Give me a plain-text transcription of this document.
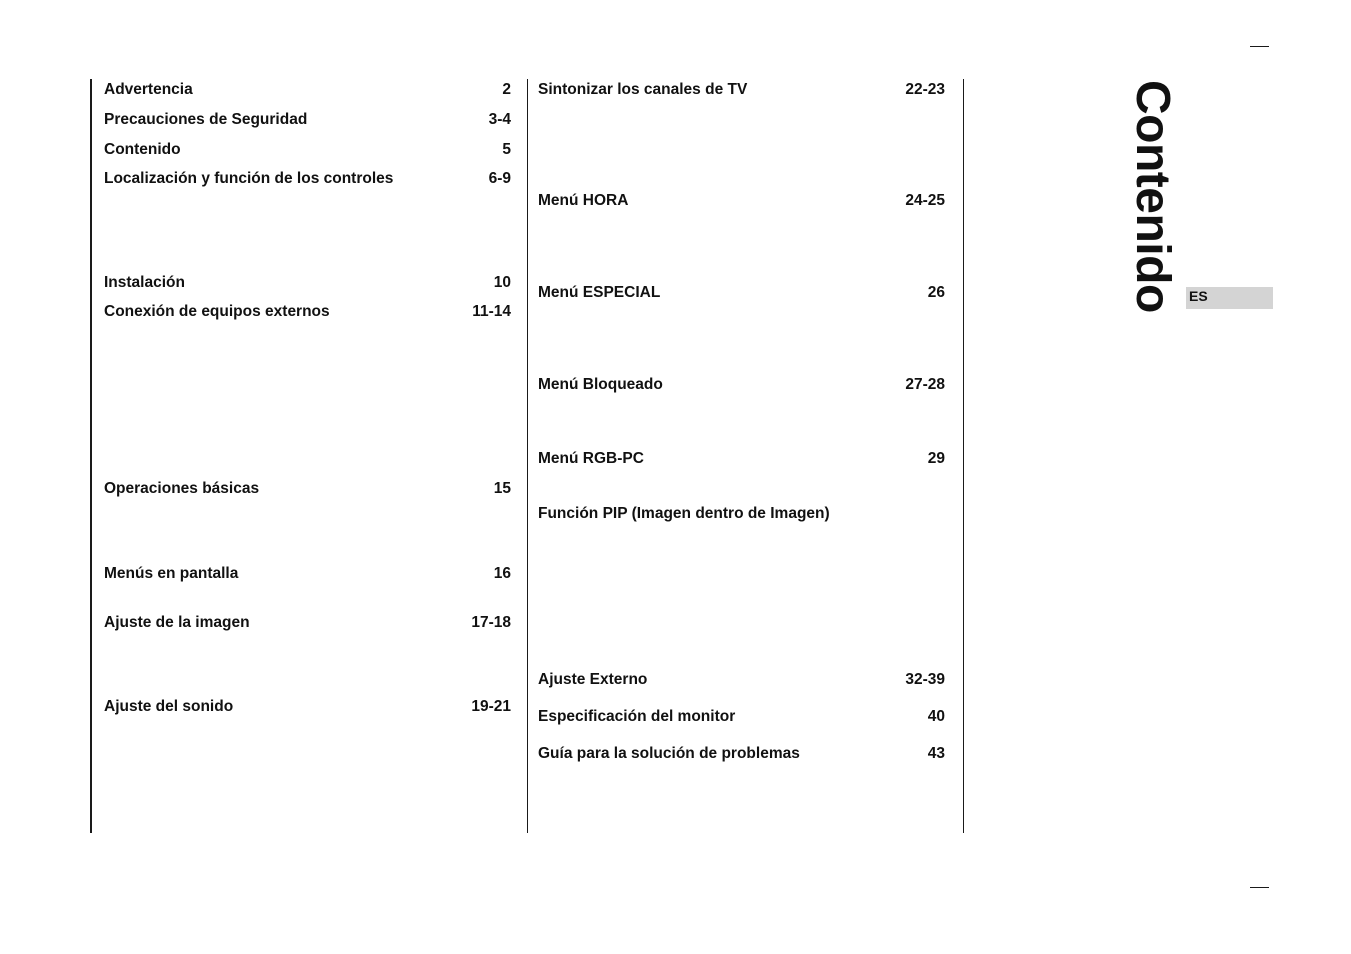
Advertencia	2
Precauciones de Seguridad	3-4
Contenido	5
Localización y función de los controles	6-9
Instalación	10
Conexión de equipos externos	11-14
Operaciones básicas	15
Menús en pantalla	16
Ajuste de la imagen	17-18
Ajuste del sonido	19-21
Sintonizar los canales de TV	22-23
Menú HORA	24-25
Menú ESPECIAL	26
Menú Bloqueado	27-28
Menú RGB-PC	29
Función PIP (Imagen dentro de Imagen)
Ajuste Externo	32-39
Especificación del monitor	40
Guía para la solución de problemas	43
Contenido ES
